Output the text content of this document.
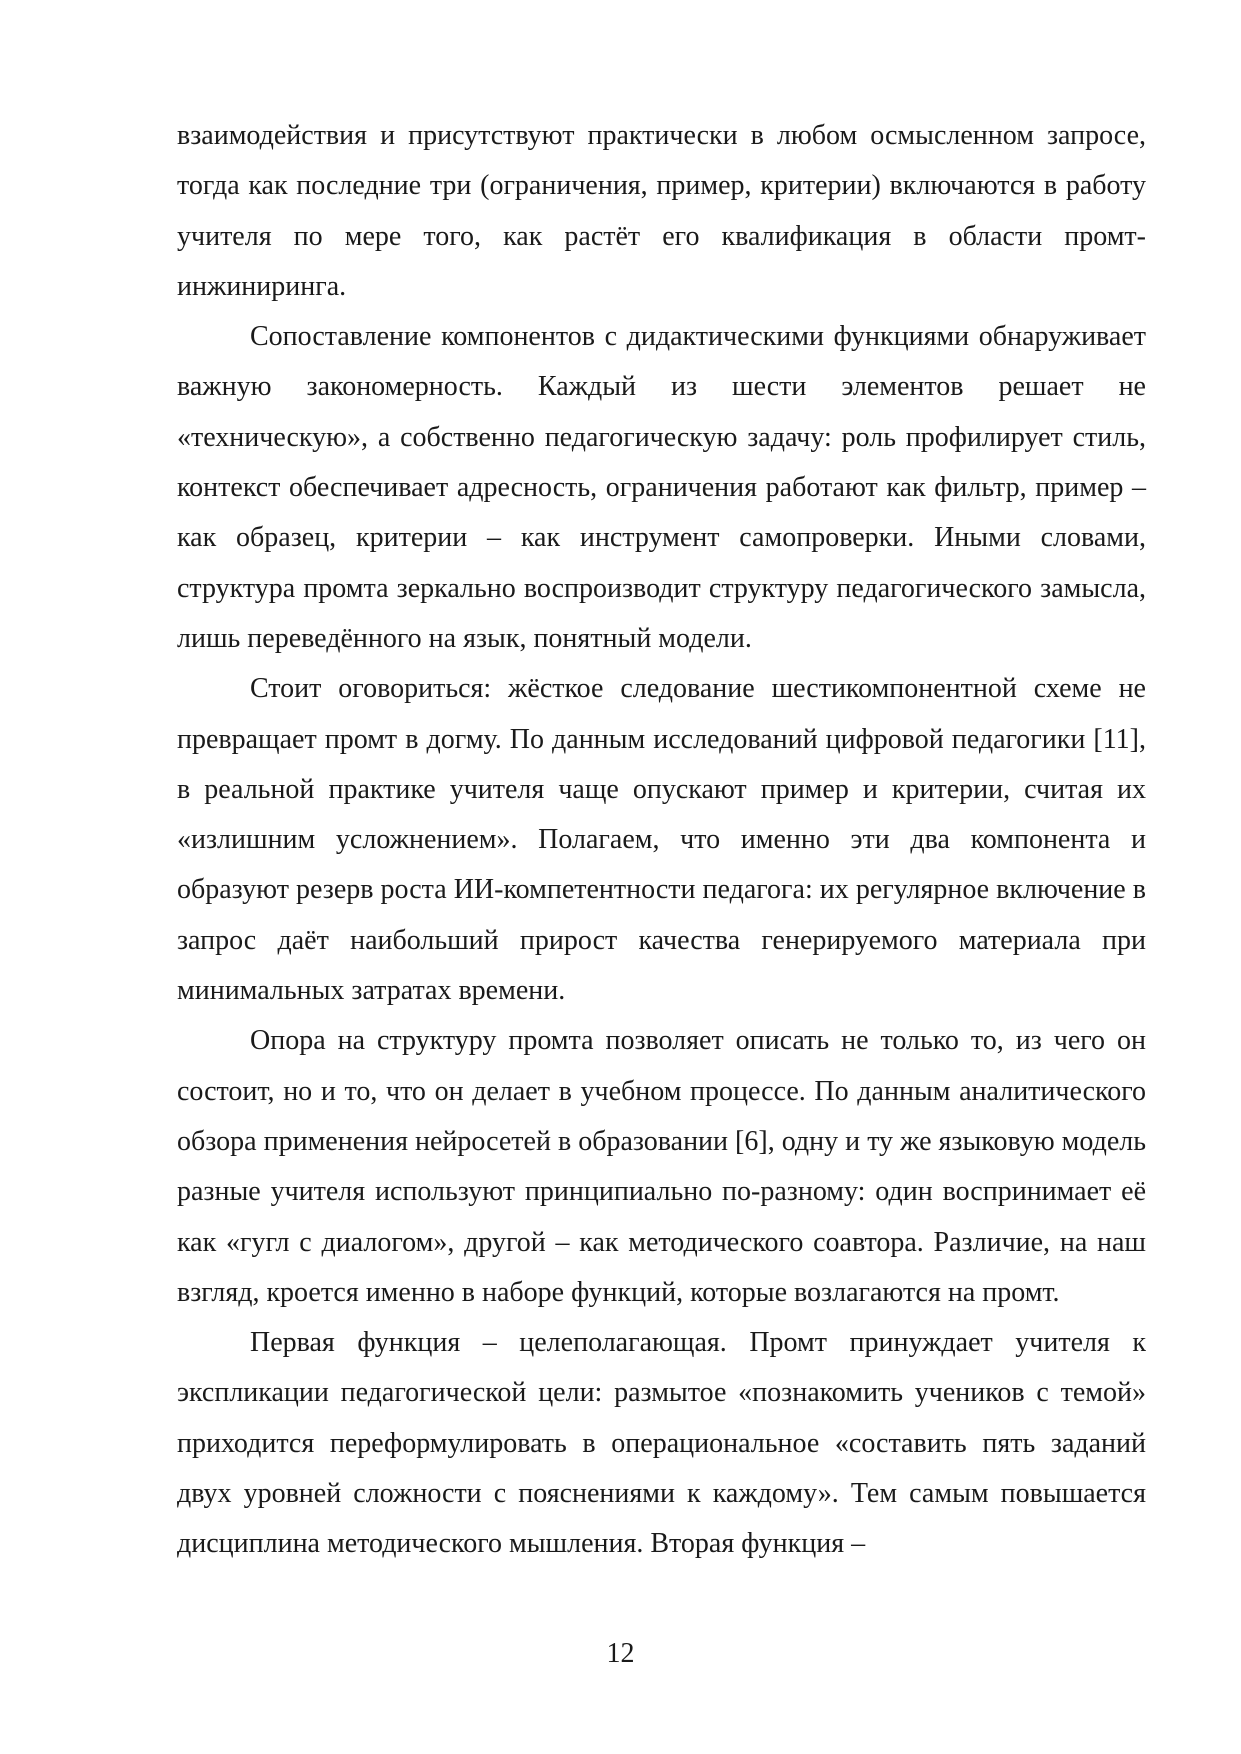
взаимодействия и присутствуют практически в любом осмысленном запросе, тогда как последние три (ограничения, пример, критерии) включаются в работу учителя по мере того, как растёт его квалификация в области промт-инжиниринга.

Сопоставление компонентов с дидактическими функциями обнаруживает важную закономерность. Каждый из шести элементов решает не «техническую», а собственно педагогическую задачу: роль профилирует стиль, контекст обеспечивает адресность, ограничения работают как фильтр, пример – как образец, критерии – как инструмент самопроверки. Иными словами, структура промта зеркально воспроизводит структуру педагогического замысла, лишь переведённого на язык, понятный модели.

Стоит оговориться: жёсткое следование шестикомпонентной схеме не превращает промт в догму. По данным исследований цифровой педагогики [11], в реальной практике учителя чаще опускают пример и критерии, считая их «излишним усложнением». Полагаем, что именно эти два компонента и образуют резерв роста ИИ-компетентности педагога: их регулярное включение в запрос даёт наибольший прирост качества генерируемого материала при минимальных затратах времени.

Опора на структуру промта позволяет описать не только то, из чего он состоит, но и то, что он делает в учебном процессе. По данным аналитического обзора применения нейросетей в образовании [6], одну и ту же языковую модель разные учителя используют принципиально по-разному: один воспринимает её как «гугл с диалогом», другой – как методического соавтора. Различие, на наш взгляд, кроется именно в наборе функций, которые возлагаются на промт.

Первая функция – целеполагающая. Промт принуждает учителя к экспликации педагогической цели: размытое «познакомить учеников с темой» приходится переформулировать в операциональное «составить пять заданий двух уровней сложности с пояснениями к каждому». Тем самым повышается дисциплина методического мышления. Вторая функция –

12
